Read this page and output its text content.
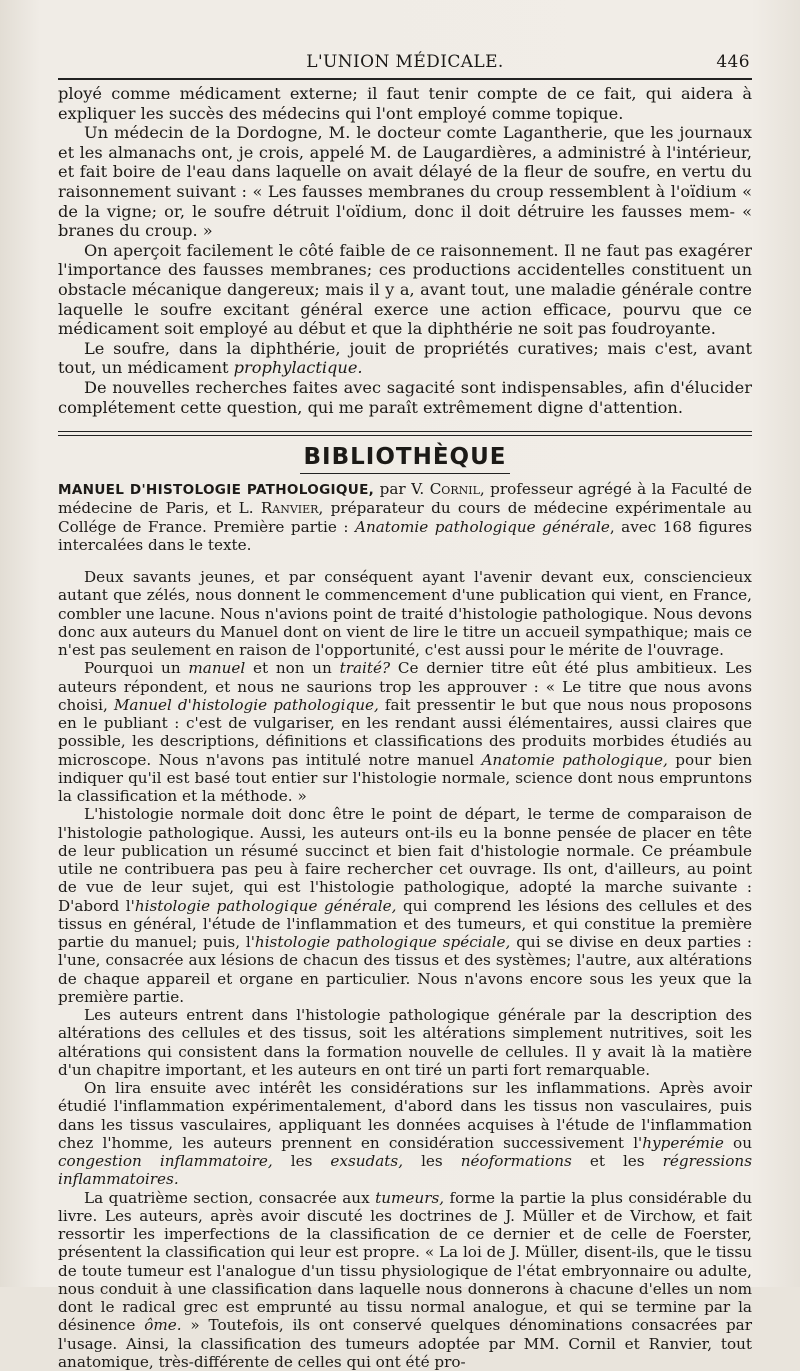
L'UNION MÉDICALE.	446

ployé comme médicament externe; il faut tenir compte de ce fait, qui aidera à expliquer les succès des médecins qui l'ont employé comme topique.

Un médecin de la Dordogne, M. le docteur comte Lagantherie, que les journaux et les almanachs ont, je crois, appelé M. de Laugardières, a administré à l'intérieur, et fait boire de l'eau dans laquelle on avait délayé de la fleur de soufre, en vertu du raisonnement suivant : « Les fausses membranes du croup ressemblent à l'oïdium « de la vigne; or, le soufre détruit l'oïdium, donc il doit détruire les fausses mem- « branes du croup. »

On aperçoit facilement le côté faible de ce raisonnement. Il ne faut pas exagérer l'importance des fausses membranes; ces productions accidentelles constituent un obstacle mécanique dangereux; mais il y a, avant tout, une maladie générale contre laquelle le soufre excitant général exerce une action efficace, pourvu que ce médicament soit employé au début et que la diphthérie ne soit pas foudroyante.

Le soufre, dans la diphthérie, jouit de propriétés curatives; mais c'est, avant tout, un médicament prophylactique.

De nouvelles recherches faites avec sagacité sont indispensables, afin d'élucider complétement cette question, qui me paraît extrêmement digne d'attention.

BIBLIOTHÈQUE

MANUEL D'HISTOLOGIE PATHOLOGIQUE, par V. Cornil, professeur agrégé à la Faculté de médecine de Paris, et L. Ranvier, préparateur du cours de médecine expérimentale au Collége de France. Première partie : Anatomie pathologique générale, avec 168 figures intercalées dans le texte.

Deux savants jeunes, et par conséquent ayant l'avenir devant eux, consciencieux autant que zélés, nous donnent le commencement d'une publication qui vient, en France, combler une lacune. Nous n'avions point de traité d'histologie pathologique. Nous devons donc aux auteurs du Manuel dont on vient de lire le titre un accueil sympathique; mais ce n'est pas seulement en raison de l'opportunité, c'est aussi pour le mérite de l'ouvrage.

Pourquoi un manuel et non un traité? Ce dernier titre eût été plus ambitieux. Les auteurs répondent, et nous ne saurions trop les approuver : « Le titre que nous avons choisi, Manuel d'histologie pathologique, fait pressentir le but que nous nous proposons en le publiant : c'est de vulgariser, en les rendant aussi élémentaires, aussi claires que possible, les descriptions, définitions et classifications des produits morbides étudiés au microscope. Nous n'avons pas intitulé notre manuel Anatomie pathologique, pour bien indiquer qu'il est basé tout entier sur l'histologie normale, science dont nous empruntons la classification et la méthode. »

L'histologie normale doit donc être le point de départ, le terme de comparaison de l'histologie pathologique. Aussi, les auteurs ont-ils eu la bonne pensée de placer en tête de leur publication un résumé succinct et bien fait d'histologie normale. Ce préambule utile ne contribuera pas peu à faire rechercher cet ouvrage. Ils ont, d'ailleurs, au point de vue de leur sujet, qui est l'histologie pathologique, adopté la marche suivante : D'abord l'histologie pathologique générale, qui comprend les lésions des cellules et des tissus en général, l'étude de l'inflammation et des tumeurs, et qui constitue la première partie du manuel; puis, l'histologie pathologique spéciale, qui se divise en deux parties : l'une, consacrée aux lésions de chacun des tissus et des systèmes; l'autre, aux altérations de chaque appareil et organe en particulier. Nous n'avons encore sous les yeux que la première partie.

Les auteurs entrent dans l'histologie pathologique générale par la description des altérations des cellules et des tissus, soit les altérations simplement nutritives, soit les altérations qui consistent dans la formation nouvelle de cellules. Il y avait là la matière d'un chapitre important, et les auteurs en ont tiré un parti fort remarquable.

On lira ensuite avec intérêt les considérations sur les inflammations. Après avoir étudié l'inflammation expérimentalement, d'abord dans les tissus non vasculaires, puis dans les tissus vasculaires, appliquant les données acquises à l'étude de l'inflammation chez l'homme, les auteurs prennent en considération successivement l'hyperémie ou congestion inflammatoire, les exsudats, les néoformations et les régressions inflammatoires.

La quatrième section, consacrée aux tumeurs, forme la partie la plus considérable du livre. Les auteurs, après avoir discuté les doctrines de J. Müller et de Virchow, et fait ressortir les imperfections de la classification de ce dernier et de celle de Foerster, présentent la classification qui leur est propre. « La loi de J. Müller, disent-ils, que le tissu de toute tumeur est l'analogue d'un tissu physiologique de l'état embryonnaire ou adulte, nous conduit à une classification dans laquelle nous donnerons à chacune d'elles un nom dont le radical grec est emprunté au tissu normal analogue, et qui se termine par la désinence ôme. » Toutefois, ils ont conservé quelques dénominations consacrées par l'usage. Ainsi, la classification des tumeurs adoptée par MM. Cornil et Ranvier, tout anatomique, très-différente de celles qui ont été pro-
